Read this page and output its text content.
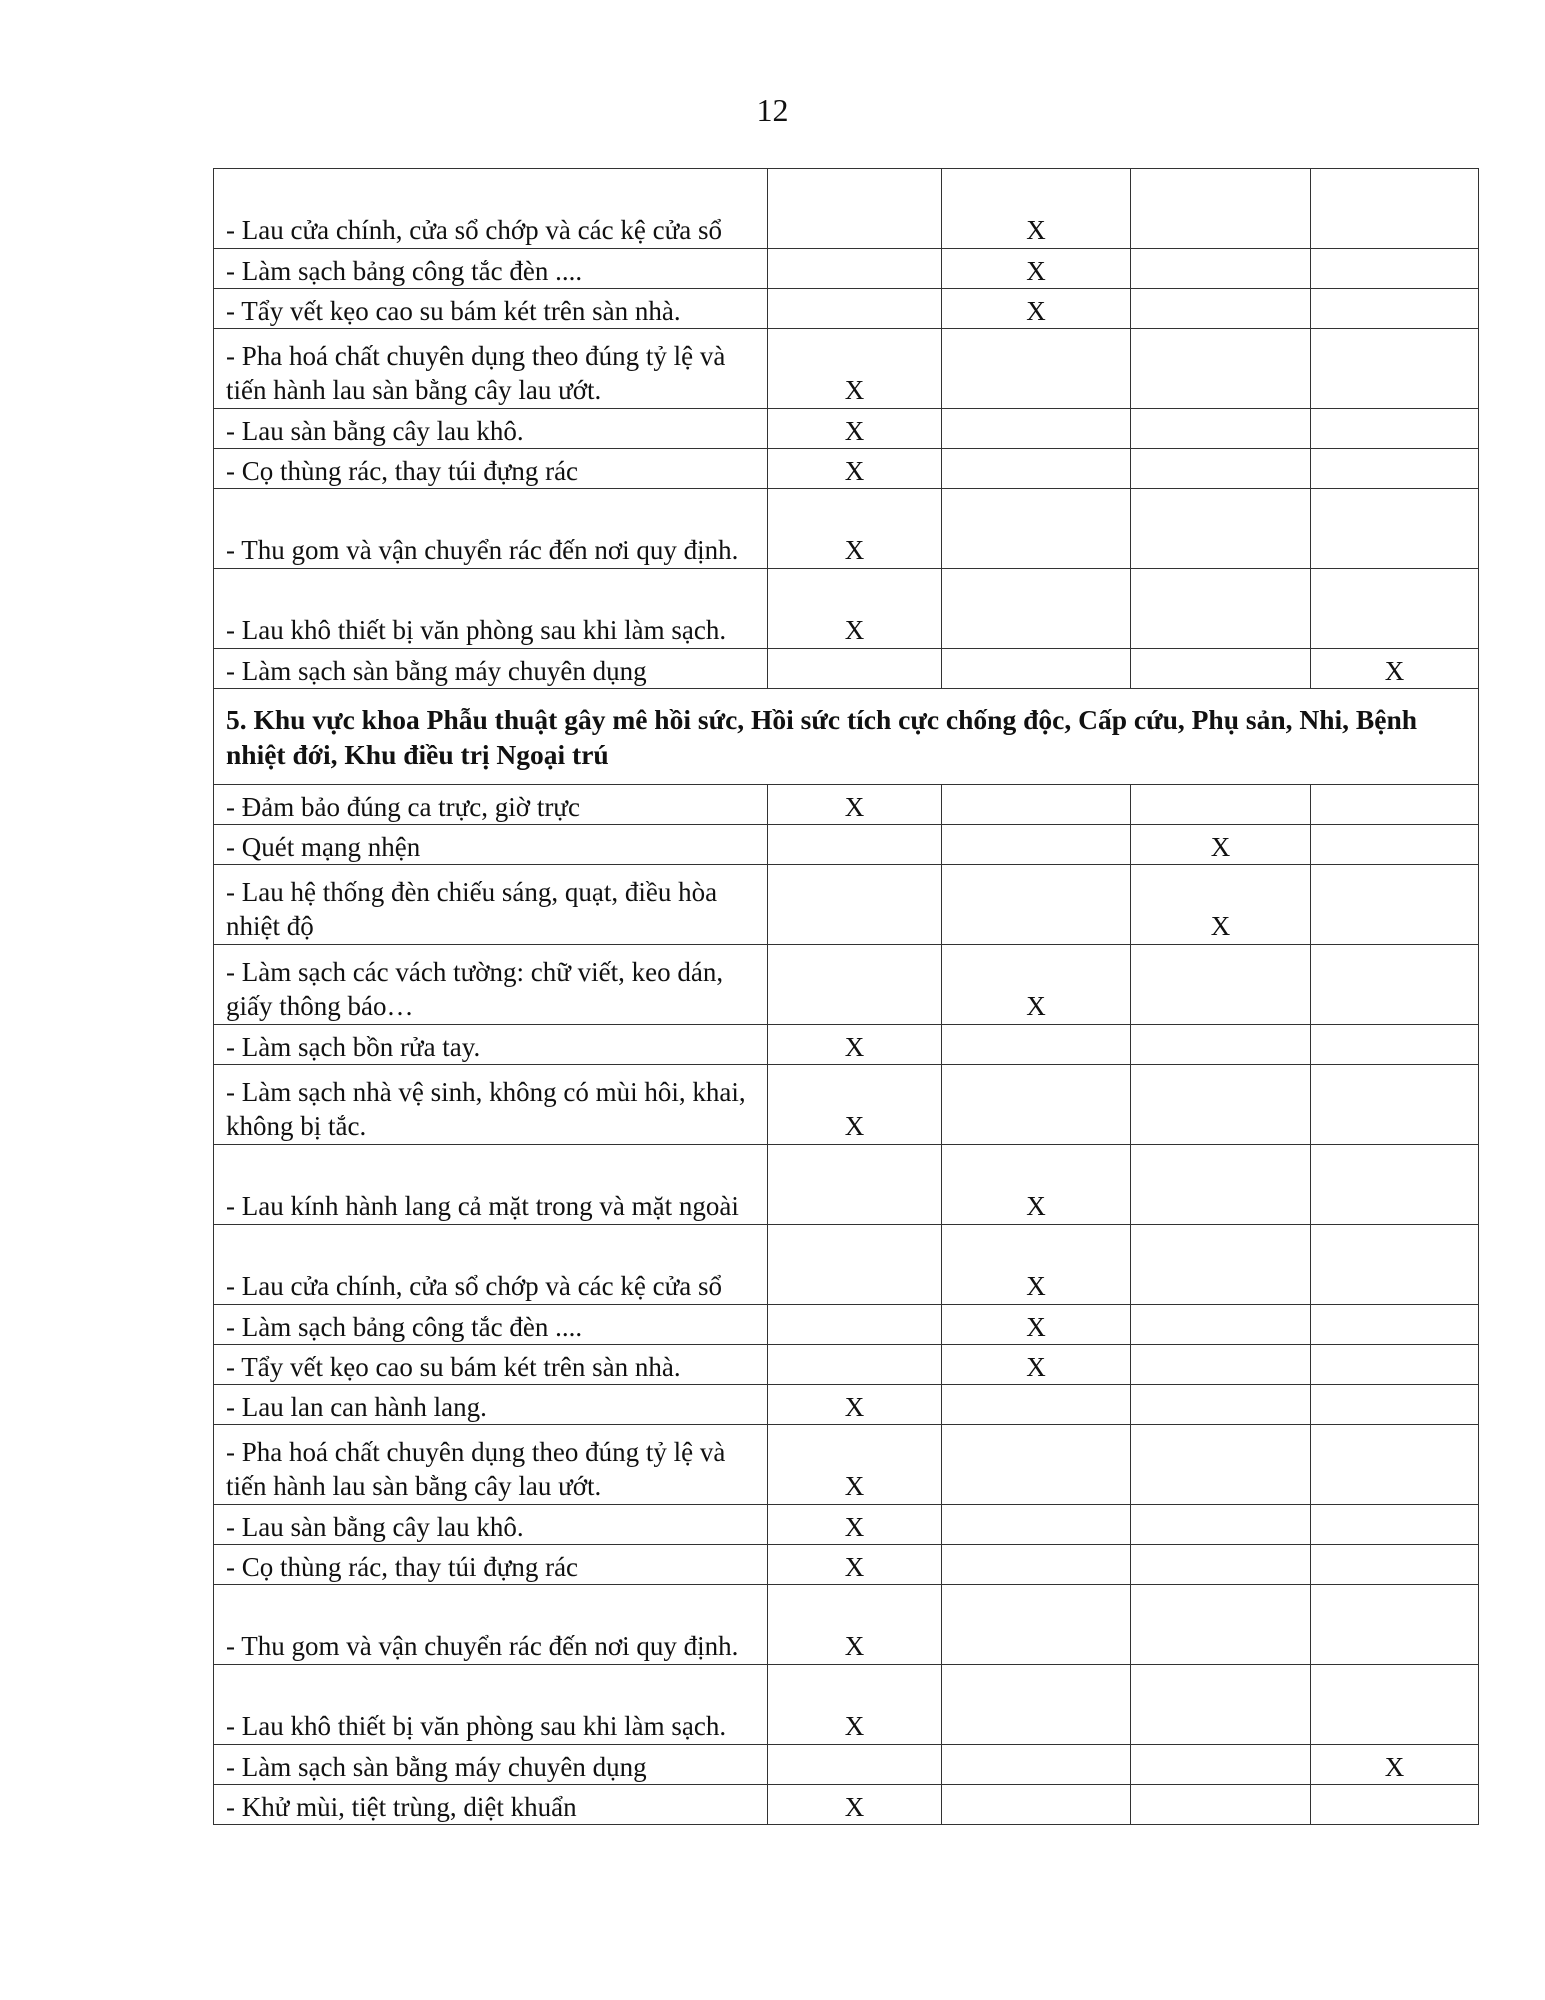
12
- Lau cửa chính, cửa sổ chớp và các kệ cửa sổ		X		
- Làm sạch bảng công tắc đèn ....		X		
- Tẩy vết kẹo cao su bám két trên sàn nhà.		X		
- Pha hoá chất chuyên dụng theo đúng tỷ lệ và tiến hành lau sàn bằng cây lau ướt.	X			
- Lau sàn bằng cây lau khô.	X			
- Cọ thùng rác, thay túi đựng rác	X			
- Thu gom và vận chuyển rác đến nơi quy định.	X			
- Lau khô thiết bị văn phòng sau khi làm sạch.	X			
- Làm sạch sàn bằng máy chuyên dụng				X
5. Khu vực khoa Phẫu thuật gây mê hồi sức, Hồi sức tích cực chống độc, Cấp cứu, Phụ sản, Nhi, Bệnh nhiệt đới, Khu điều trị Ngoại trú				
- Đảm bảo đúng ca trực, giờ trực	X			
- Quét mạng nhện			X	
- Lau hệ thống đèn chiếu sáng, quạt, điều hòa nhiệt độ			X	
- Làm sạch các vách tường: chữ viết, keo dán, giấy thông báo…		X		
- Làm sạch bồn rửa tay.	X			
- Làm sạch nhà vệ sinh, không có mùi hôi, khai, không bị tắc.	X			
- Lau kính hành lang cả mặt trong và mặt ngoài		X		
- Lau cửa chính, cửa sổ chớp và các kệ cửa sổ		X		
- Làm sạch bảng công tắc đèn ....		X		
- Tẩy vết kẹo cao su bám két trên sàn nhà.		X		
- Lau lan can hành lang.	X			
- Pha hoá chất chuyên dụng theo đúng tỷ lệ và tiến hành lau sàn bằng cây lau ướt.	X			
- Lau sàn bằng cây lau khô.	X			
- Cọ thùng rác, thay túi đựng rác	X			
- Thu gom và vận chuyển rác đến nơi quy định.	X			
- Lau khô thiết bị văn phòng sau khi làm sạch.	X			
- Làm sạch sàn bằng máy chuyên dụng				X
- Khử mùi, tiệt trùng, diệt khuẩn	X			
